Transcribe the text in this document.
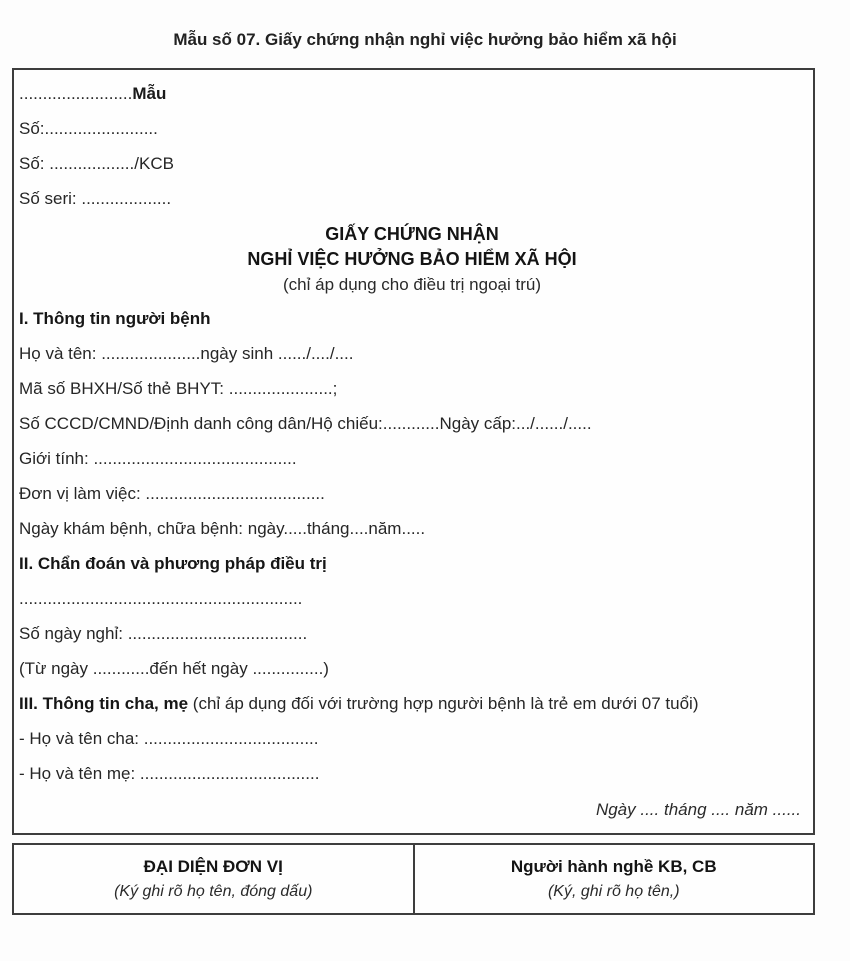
Mẫu số 07. Giấy chứng nhận nghỉ việc hưởng bảo hiểm xã hội
........................Mẫu
Số:........................
Số: ................../KCB
Số seri: ...................
GIẤY CHỨNG NHẬN
NGHỈ VIỆC HƯỞNG BẢO HIỂM XÃ HỘI
(chỉ áp dụng cho điều trị ngoại trú)
I. Thông tin người bệnh
Họ và tên: .....................ngày sinh ....../..../....
Mã số BHXH/Số thẻ BHYT: ......................;
Số CCCD/CMND/Định danh công dân/Hộ chiếu:............Ngày cấp:.../....../.....
Giới tính: ...........................................
Đơn vị làm việc: ......................................
Ngày khám bệnh, chữa bệnh: ngày.....tháng....năm.....
II. Chẩn đoán và phương pháp điều trị
............................................................
Số ngày nghỉ: ......................................
(Từ ngày ............đến hết ngày ...............)
III. Thông tin cha, mẹ (chỉ áp dụng đối với trường hợp người bệnh là trẻ em dưới 07 tuổi)
- Họ và tên cha: .....................................
- Họ và tên mẹ: ......................................
Ngày .... tháng .... năm ......
ĐẠI DIỆN ĐƠN VỊ
(Ký ghi rõ họ tên, đóng dấu)
Người hành nghề KB, CB
(Ký, ghi rõ họ tên,)
